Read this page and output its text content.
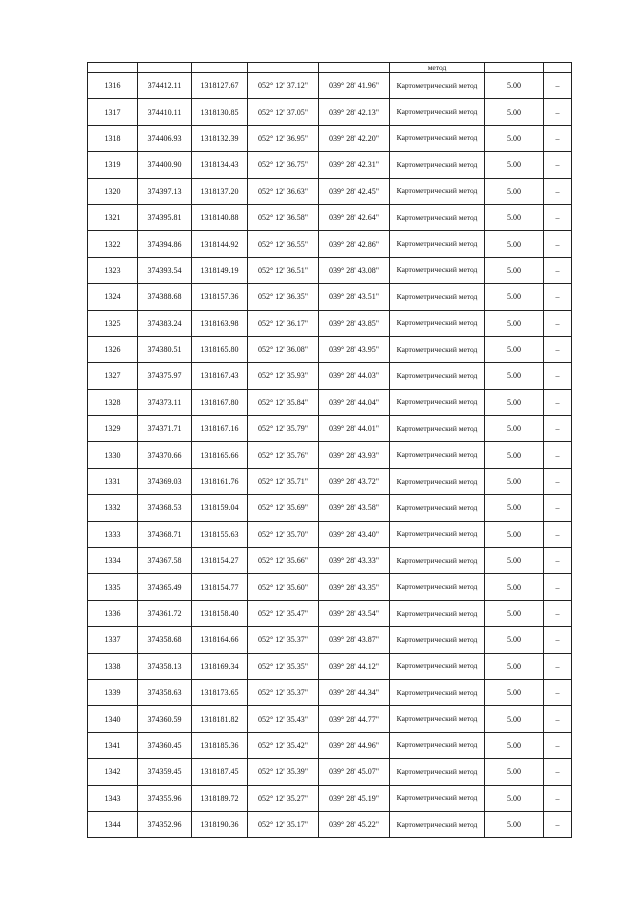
					метод		
1316	374412.11	1318127.67	052° 12' 37.12"	039° 28' 41.96"	Картометрический метод	5.00	–
1317	374410.11	1318130.85	052° 12' 37.05"	039° 28' 42.13"	Картометрический метод	5.00	–
1318	374406.93	1318132.39	052° 12' 36.95"	039° 28' 42.20"	Картометрический метод	5.00	–
1319	374400.90	1318134.43	052° 12' 36.75"	039° 28' 42.31"	Картометрический метод	5.00	–
1320	374397.13	1318137.20	052° 12' 36.63"	039° 28' 42.45"	Картометрический метод	5.00	–
1321	374395.81	1318140.88	052° 12' 36.58"	039° 28' 42.64"	Картометрический метод	5.00	–
1322	374394.86	1318144.92	052° 12' 36.55"	039° 28' 42.86"	Картометрический метод	5.00	–
1323	374393.54	1318149.19	052° 12' 36.51"	039° 28' 43.08"	Картометрический метод	5.00	–
1324	374388.68	1318157.36	052° 12' 36.35"	039° 28' 43.51"	Картометрический метод	5.00	–
1325	374383.24	1318163.98	052° 12' 36.17"	039° 28' 43.85"	Картометрический метод	5.00	–
1326	374380.51	1318165.80	052° 12' 36.08"	039° 28' 43.95"	Картометрический метод	5.00	–
1327	374375.97	1318167.43	052° 12' 35.93"	039° 28' 44.03"	Картометрический метод	5.00	–
1328	374373.11	1318167.80	052° 12' 35.84"	039° 28' 44.04"	Картометрический метод	5.00	–
1329	374371.71	1318167.16	052° 12' 35.79"	039° 28' 44.01"	Картометрический метод	5.00	–
1330	374370.66	1318165.66	052° 12' 35.76"	039° 28' 43.93"	Картометрический метод	5.00	–
1331	374369.03	1318161.76	052° 12' 35.71"	039° 28' 43.72"	Картометрический метод	5.00	–
1332	374368.53	1318159.04	052° 12' 35.69"	039° 28' 43.58"	Картометрический метод	5.00	–
1333	374368.71	1318155.63	052° 12' 35.70"	039° 28' 43.40"	Картометрический метод	5.00	–
1334	374367.58	1318154.27	052° 12' 35.66"	039° 28' 43.33"	Картометрический метод	5.00	–
1335	374365.49	1318154.77	052° 12' 35.60"	039° 28' 43.35"	Картометрический метод	5.00	–
1336	374361.72	1318158.40	052° 12' 35.47"	039° 28' 43.54"	Картометрический метод	5.00	–
1337	374358.68	1318164.66	052° 12' 35.37"	039° 28' 43.87"	Картометрический метод	5.00	–
1338	374358.13	1318169.34	052° 12' 35.35"	039° 28' 44.12"	Картометрический метод	5.00	–
1339	374358.63	1318173.65	052° 12' 35.37"	039° 28' 44.34"	Картометрический метод	5.00	–
1340	374360.59	1318181.82	052° 12' 35.43"	039° 28' 44.77"	Картометрический метод	5.00	–
1341	374360.45	1318185.36	052° 12' 35.42"	039° 28' 44.96"	Картометрический метод	5.00	–
1342	374359.45	1318187.45	052° 12' 35.39"	039° 28' 45.07"	Картометрический метод	5.00	–
1343	374355.96	1318189.72	052° 12' 35.27"	039° 28' 45.19"	Картометрический метод	5.00	–
1344	374352.96	1318190.36	052° 12' 35.17"	039° 28' 45.22"	Картометрический метод	5.00	–
